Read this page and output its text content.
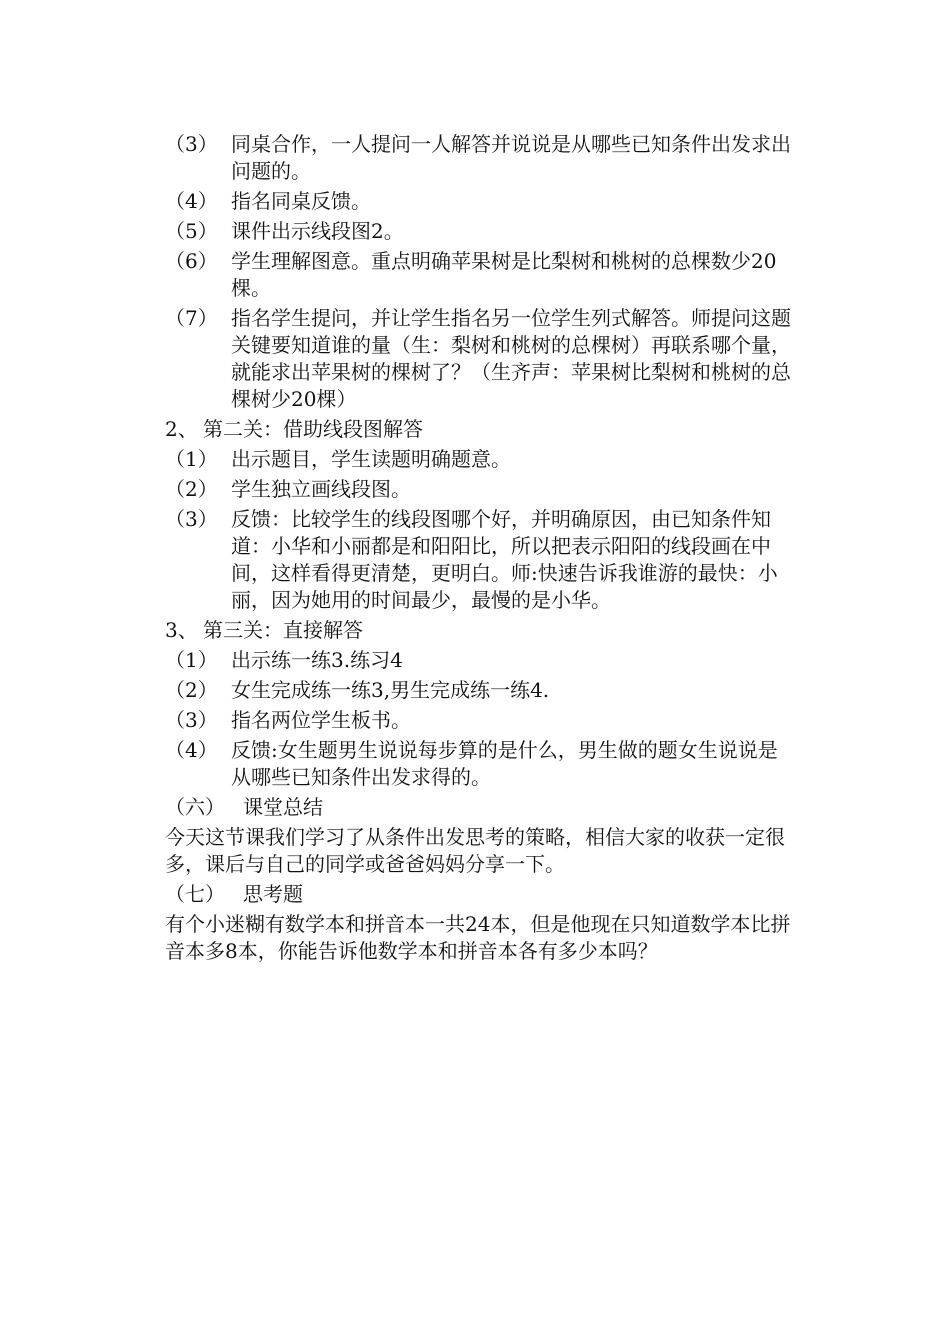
（3） 同桌合作，一人提问一人解答并说说是从哪些已知条件出发求出问题的。
（4） 指名同桌反馈。
（5） 课件出示线段图2。
（6） 学生理解图意。重点明确苹果树是比梨树和桃树的总棵数少20棵。
（7） 指名学生提问，并让学生指名另一位学生列式解答。师提问这题关键要知道谁的量（生：梨树和桃树的总棵树）再联系哪个量，就能求出苹果树的棵树了？（生齐声：苹果树比梨树和桃树的总棵树少20棵）
2、 第二关：借助线段图解答
（1） 出示题目，学生读题明确题意。
（2） 学生独立画线段图。
（3） 反馈：比较学生的线段图哪个好，并明确原因，由已知条件知道：小华和小丽都是和阳阳比，所以把表示阳阳的线段画在中间，这样看得更清楚，更明白。师:快速告诉我谁游的最快：小丽，因为她用的时间最少，最慢的是小华。
3、 第三关：直接解答
（1） 出示练一练3.练习4
（2） 女生完成练一练3,男生完成练一练4.
（3） 指名两位学生板书。
（4） 反馈:女生题男生说说每步算的是什么，男生做的题女生说说是从哪些已知条件出发求得的。
（六） 课堂总结
今天这节课我们学习了从条件出发思考的策略，相信大家的收获一定很多，课后与自己的同学或爸爸妈妈分享一下。
（七） 思考题
有个小迷糊有数学本和拼音本一共24本，但是他现在只知道数学本比拼音本多8本，你能告诉他数学本和拼音本各有多少本吗？
